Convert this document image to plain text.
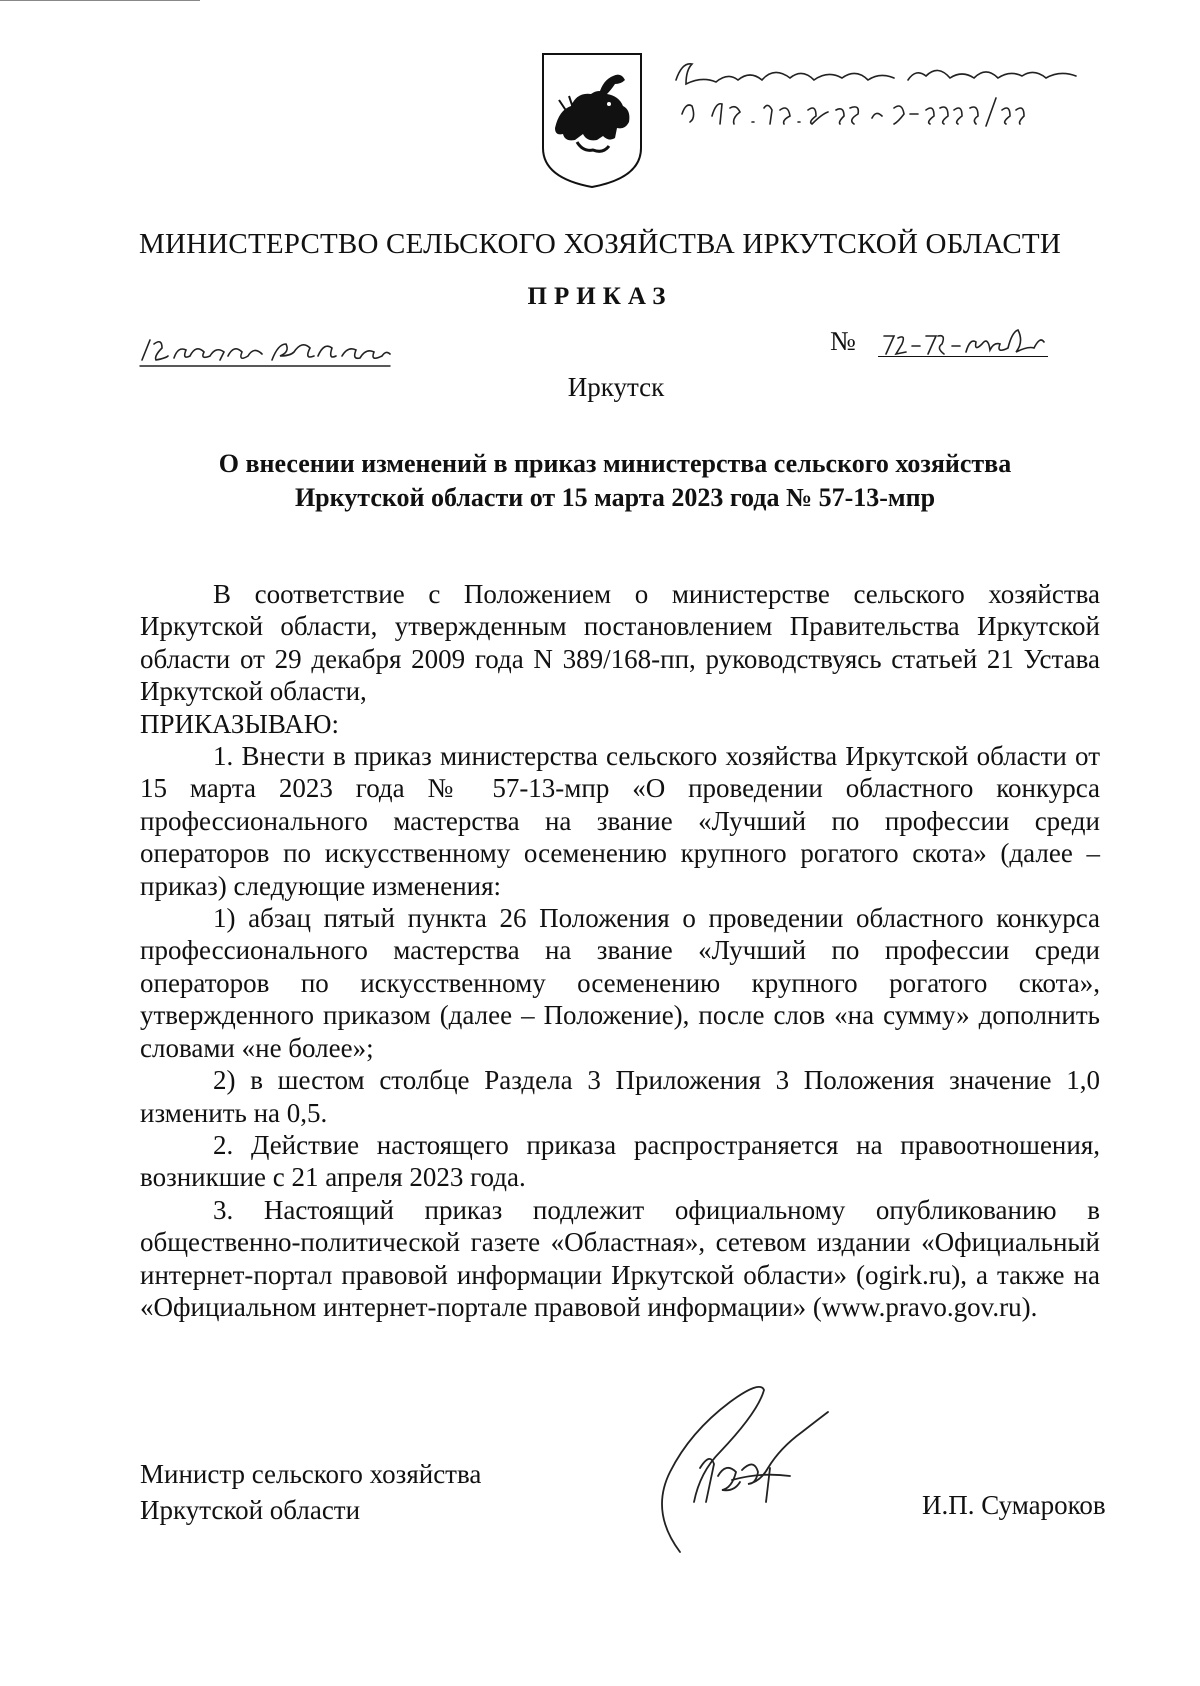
МИНИСТЕРСТВО СЕЛЬСКОГО ХОЗЯЙСТВА ИРКУТСКОЙ ОБЛАСТИ
ПРИКАЗ
№
Иркутск
О внесении изменений в приказ министерства сельского хозяйства
Иркутской области от 15 марта 2023 года № 57-13-мпр

В соответствие с Положением о министерстве сельского хозяйства Иркутской области, утвержденным постановлением Правительства Иркутской области от 29 декабря 2009 года N 389/168-пп, руководствуясь статьей 21 Устава Иркутской области,

ПРИКАЗЫВАЮ:

1. Внести в приказ министерства сельского хозяйства Иркутской области от 15 марта 2023 года № 57-13-мпр «О проведении областного конкурса профессионального мастерства на звание «Лучший по профессии среди операторов по искусственному осеменению крупного рогатого скота» (далее – приказ) следующие изменения:

1) абзац пятый пункта 26 Положения о проведении областного конкурса профессионального мастерства на звание «Лучший по профессии среди операторов по искусственному осеменению крупного рогатого скота», утвержденного приказом (далее – Положение), после слов «на сумму» дополнить словами «не более»;

2) в шестом столбце Раздела 3 Приложения 3 Положения значение 1,0 изменить на 0,5.

2. Действие настоящего приказа распространяется на правоотношения, возникшие с 21 апреля 2023 года.

3. Настоящий приказ подлежит официальному опубликованию в общественно-политической газете «Областная», сетевом издании «Официальный интернет-портал правовой информации Иркутской области» (ogirk.ru), а также на «Официальном интернет-портале правовой информации» (www.pravo.gov.ru).

Министр сельского хозяйства
Иркутской области	И.П. Сумароков
